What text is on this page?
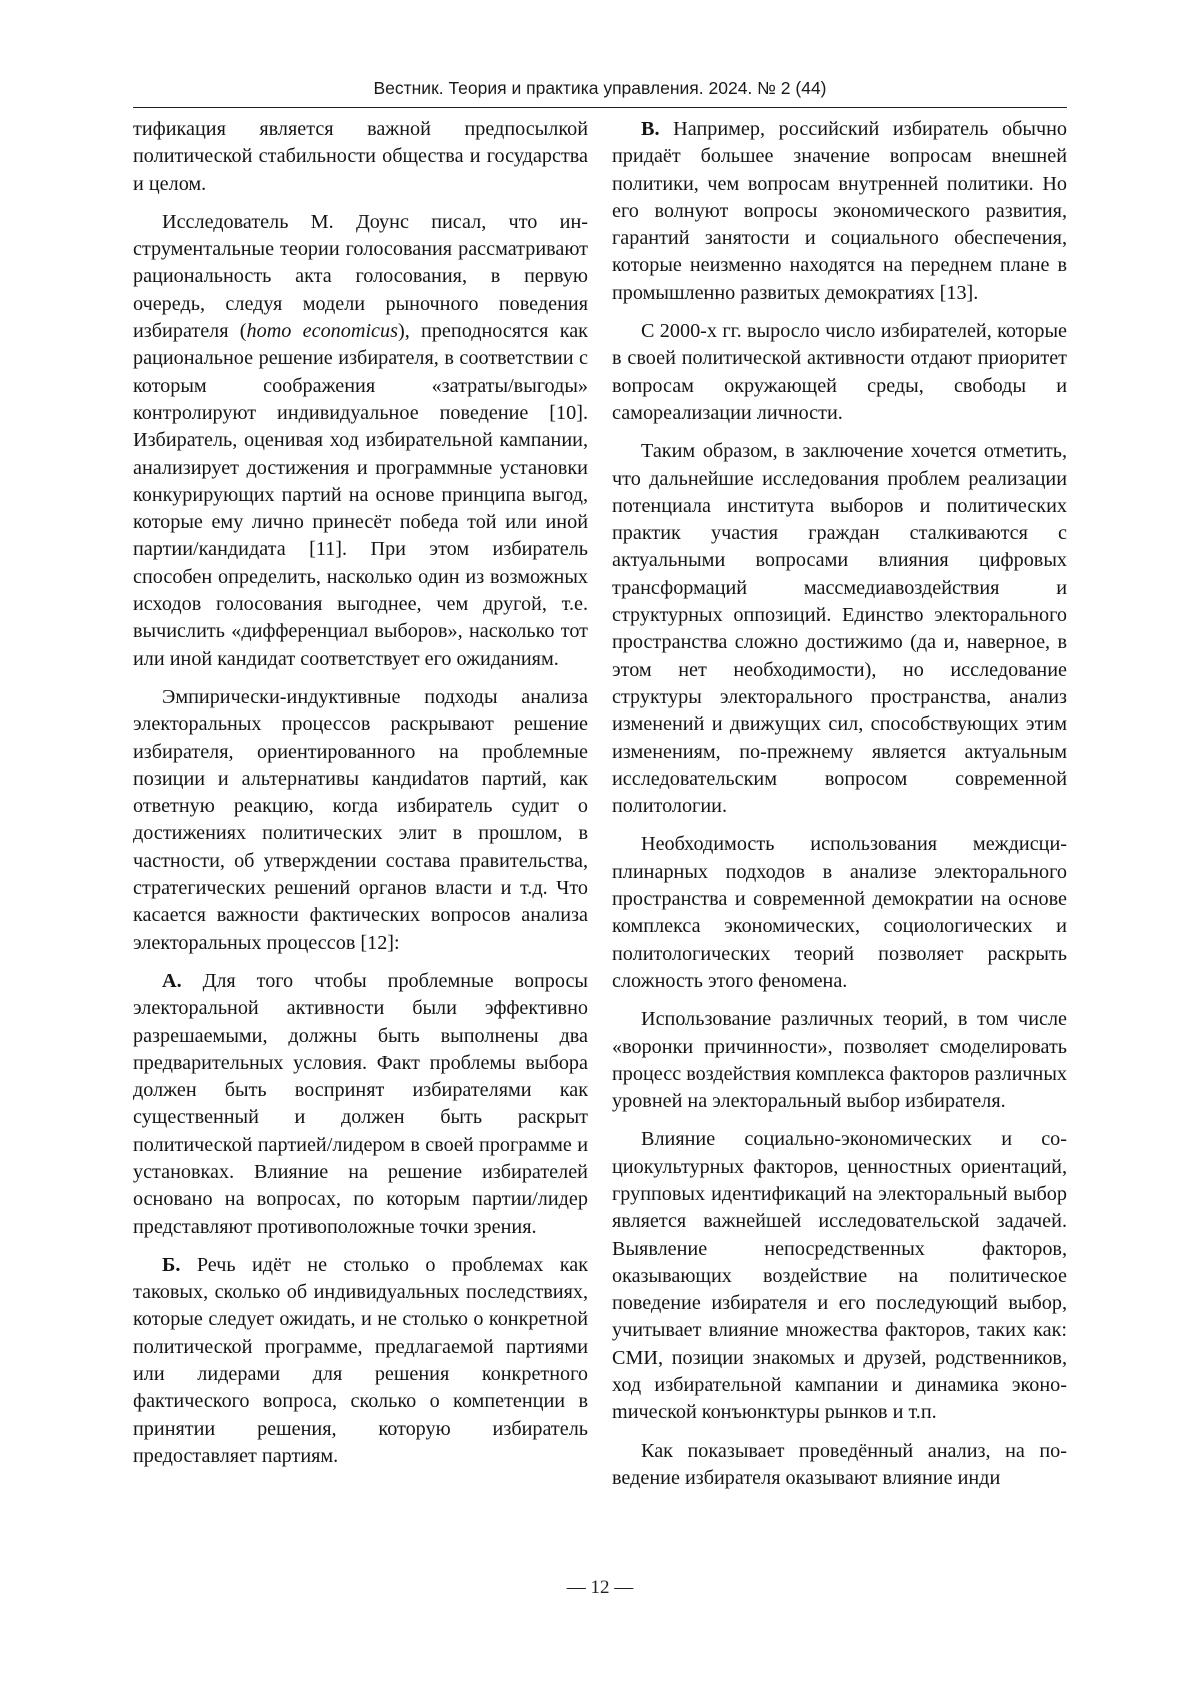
Вестник. Теория и практика управления. 2024. № 2 (44)

тификация является важной предпосылкой политической стабильности общества и государства и целом.

Исследователь М. Доунс писал, что инструментальные теории голосования рассматривают рациональность акта голосования, в первую очередь, следуя модели рыночного поведения избирателя (homo economicus), преподносятся как рациональное решение избирателя, в соответствии с которым соображения «затраты/выгоды» контролируют индивидуальное поведение [10]. Избиратель, оценивая ход избирательной кампании, анализирует достижения и программные установки конкурирующих партий на основе принципа выгод, которые ему лично принесёт победа той или иной партии/кандидата [11]. При этом избиратель способен определить, насколько один из возможных исходов голосования выгоднее, чем другой, т.е. вычислить «дифференциал выборов», насколько тот или иной кандидат соответствует его ожиданиям.

Эмпирически-индуктивные подходы анализа электоральных процессов раскрывают решение избирателя, ориентированного на проблемные позиции и альтернативы кандиdатов партий, как ответную реакцию, когда избиратель судит о достижениях политических элит в прошлом, в частности, об утверждении состава правительства, стратегических решений органов власти и т.д. Что касается важности фактических вопросов анализа электоральных процессов [12]:

А. Для того чтобы проблемные вопросы электоральной активности были эффективно разрешаемыми, должны быть выполнены два предварительных условия. Факт проблемы выбора должен быть воспринят избирателями как существенный и должен быть раскрыт политической партией/лидером в своей программе и установках. Влияние на решение избирателей основано на вопросах, по которым партии/лидер представляют противоположные точки зрения.

Б. Речь идёт не столько о проблемах как таковых, сколько об индивидуальных последствиях, которые следует ожидать, и не столько о конкретной политической программе, предлагаемой партиями или лидерами для решения конкретного фактического вопроса, сколько о компетенции в принятии решения, которую избиратель предоставляет партиям.

В. Например, российский избиратель обычно придаёт большее значение вопросам внешней политики, чем вопросам внутренней политики. Но его волнуют вопросы экономического развития, гарантий занятости и социального обеспечения, которые неизменно находятся на переднем плане в промышленно развитых демократиях [13].

С 2000-х гг. выросло число избирателей, которые в своей политической активности отдают приоритет вопросам окружающей среды, свободы и самореализации личности.

Таким образом, в заключение хочется отметить, что дальнейшие исследования проблем реализации потенциала института выборов и политических практик участия граждан сталкиваются с актуальными вопросами влияния цифровых трансформаций массмедиавоздействия и структурных оппозиций. Единство электорального пространства сложно достижимо (да и, наверное, в этом нет необходимости), но исследование структуры электорального пространства, анализ изменений и движущих сил, способствующих этим изменениям, по-прежнему является актуальным исследовательским вопросом современной политологии.

Необходимость использования междисциплинарных подходов в анализе электорального пространства и современной демократии на основе комплекса экономических, социологических и политологических теорий позволяет раскрыть сложность этого феномена.

Использование различных теорий, в том числе «воронки причинности», позволяет смоделировать процесс воздействия комплекса факторов различных уровней на электоральный выбор избирателя.

Влияние социально-экономических и социокультурных факторов, ценностных ориентаций, групповых идентификаций на электоральный выбор является важнейшей исследовательской задачей. Выявление непосредственных факторов, оказывающих воздействие на политическое поведение избирателя и его последующий выбор, учитывает влияние множества факторов, таких как: СМИ, позиции знакомых и друзей, родственников, ход избирательной кампании и динамика эконоmической конъюнктуры рынков и т.п.

Как показывает проведённый анализ, на поведение избирателя оказывают влияние инди

— 12 —
